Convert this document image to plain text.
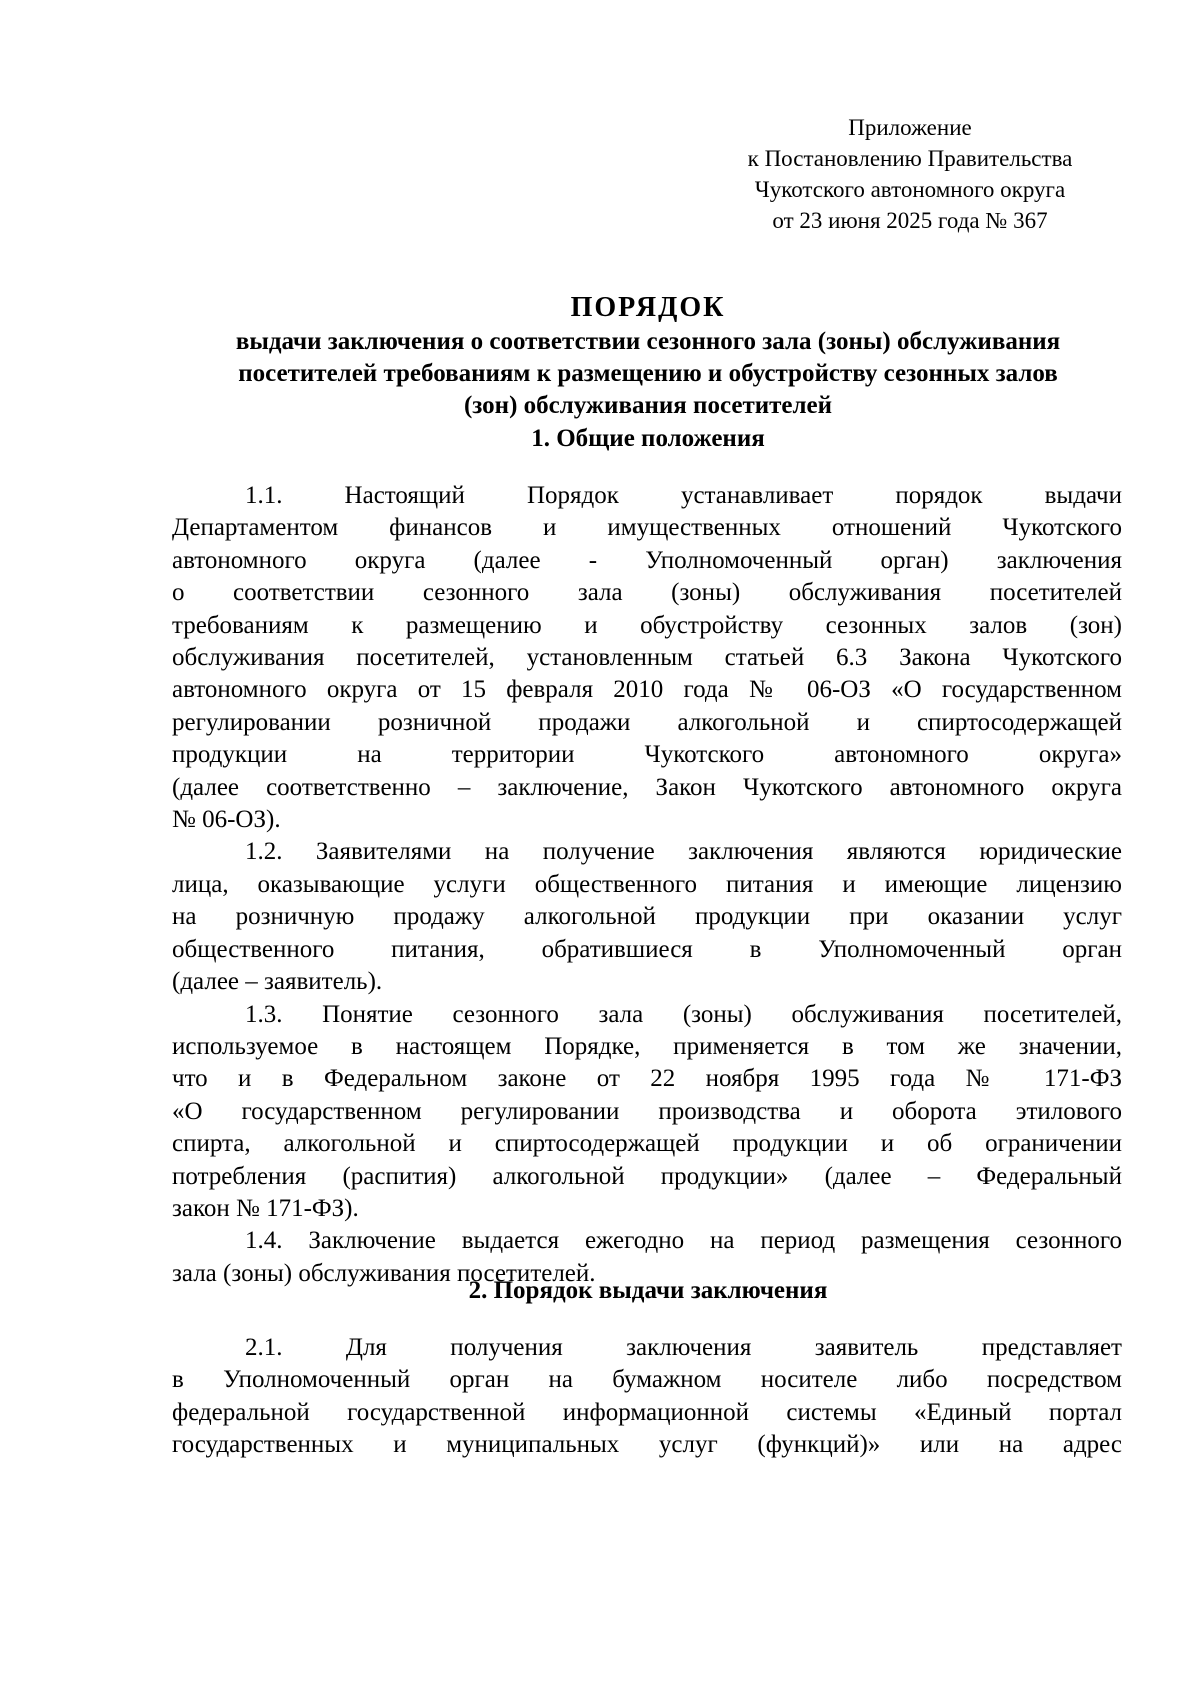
Приложение
к Постановлению Правительства
Чукотского автономного округа
от 23 июня 2025 года № 367
ПОРЯДОК
выдачи заключения о соответствии сезонного зала (зоны) обслуживания
посетителей требованиям к размещению и обустройству сезонных залов
(зон) обслуживания посетителей
1. Общие положения
1.1. Настоящий Порядок устанавливает порядок выдачи
Департаментом финансов и имущественных отношений Чукотского
автономного округа (далее - Уполномоченный орган) заключения
о соответствии сезонного зала (зоны) обслуживания посетителей
требованиям к размещению и обустройству сезонных залов (зон)
обслуживания посетителей, установленным статьей 6.3 Закона Чукотского
автономного округа от 15 февраля 2010 года № 06-ОЗ «О государственном
регулировании розничной продажи алкогольной и спиртосодержащей
продукции на территории Чукотского автономного округа»
(далее соответственно – заключение, Закон Чукотского автономного округа
№ 06-ОЗ).
1.2. Заявителями на получение заключения являются юридические
лица, оказывающие услуги общественного питания и имеющие лицензию
на розничную продажу алкогольной продукции при оказании услуг
общественного питания, обратившиеся в Уполномоченный орган
(далее – заявитель).
1.3. Понятие сезонного зала (зоны) обслуживания посетителей,
используемое в настоящем Порядке, применяется в том же значении,
что и в Федеральном законе от 22 ноября 1995 года № 171-ФЗ
«О государственном регулировании производства и оборота этилового
спирта, алкогольной и спиртосодержащей продукции и об ограничении
потребления (распития) алкогольной продукции» (далее – Федеральный
закон № 171-ФЗ).
1.4. Заключение выдается ежегодно на период размещения сезонного
зала (зоны) обслуживания посетителей.
2. Порядок выдачи заключения
2.1. Для получения заключения заявитель представляет
в Уполномоченный орган на бумажном носителе либо посредством
федеральной государственной информационной системы «Единый портал
государственных и муниципальных услуг (функций)» или на адрес
